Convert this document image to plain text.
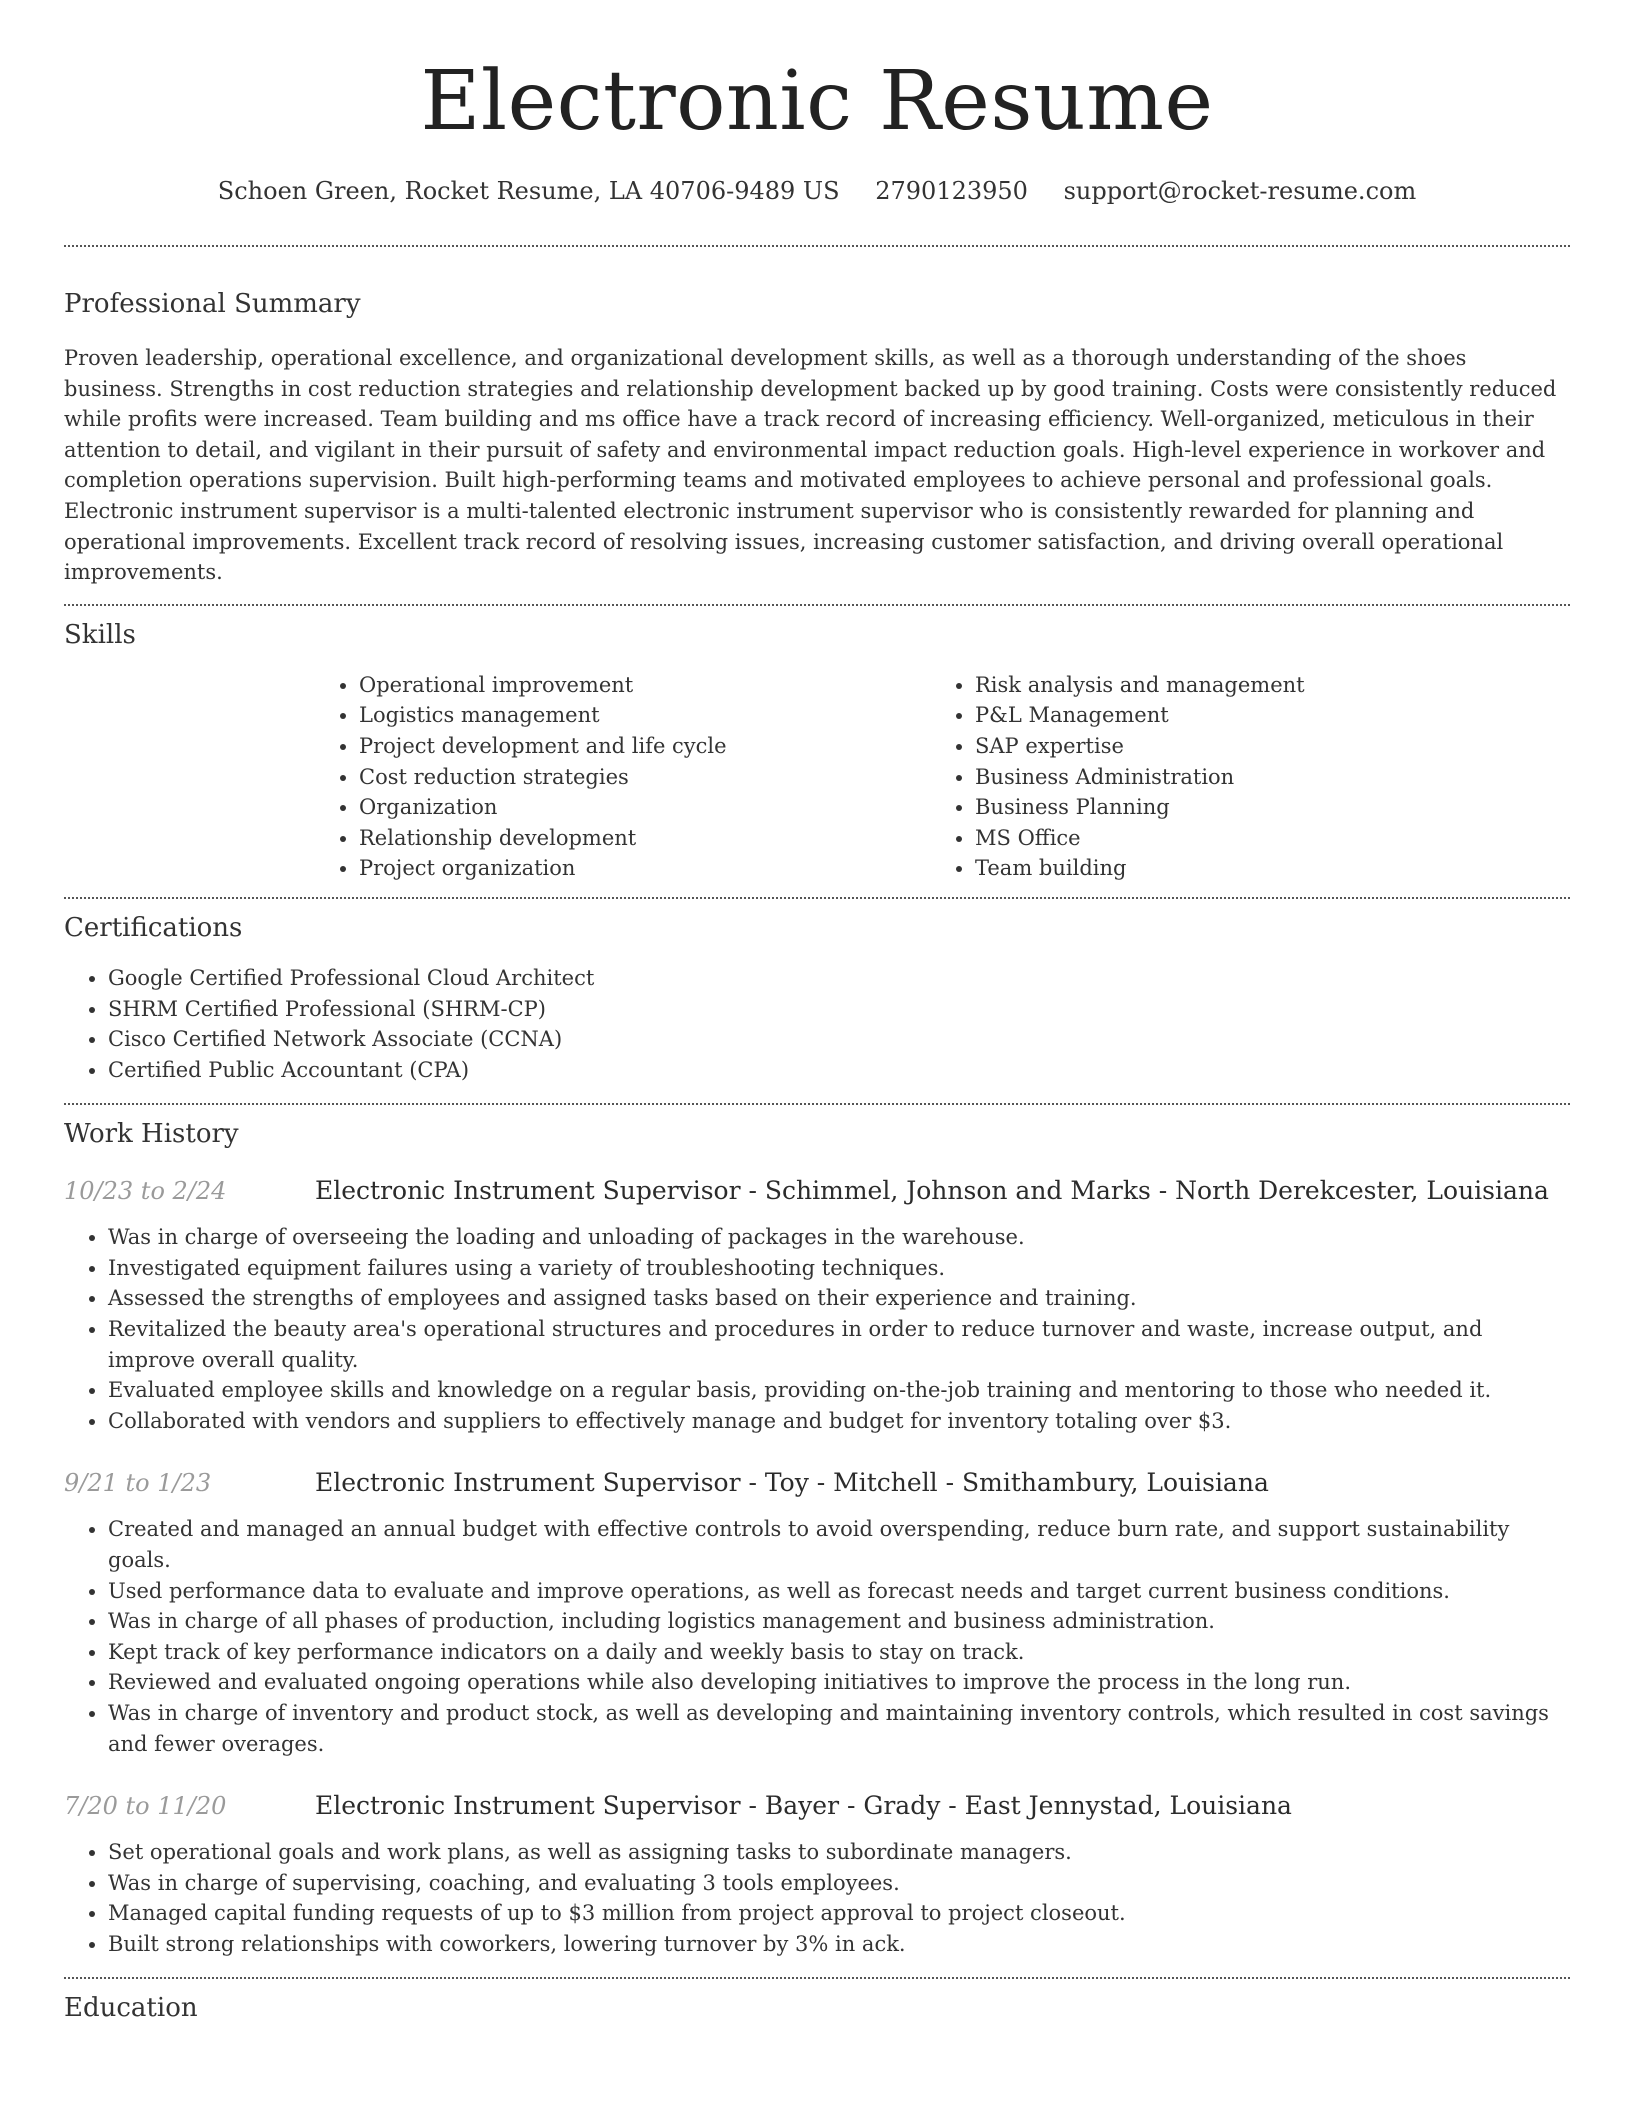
Electronic Resume
Schoen Green, Rocket Resume, LA 40706-9489 US 2790123950 support@rocket-resume.com
Professional Summary

Proven leadership, operational excellence, and organizational development skills, as well as a thorough understanding of the shoes business. Strengths in cost reduction strategies and relationship development backed up by good training. Costs were consistently reduced while profits were increased. Team building and ms office have a track record of increasing efficiency. Well-organized, meticulous in their attention to detail, and vigilant in their pursuit of safety and environmental impact reduction goals. High-level experience in workover and completion operations supervision. Built high-performing teams and motivated employees to achieve personal and professional goals. Electronic instrument supervisor is a multi-talented electronic instrument supervisor who is consistently rewarded for planning and operational improvements. Excellent track record of resolving issues, increasing customer satisfaction, and driving overall operational improvements.

Skills
• Operational improvement
• Logistics management
• Project development and life cycle
• Cost reduction strategies
• Organization
• Relationship development
• Project organization
• Risk analysis and management
• P&L Management
• SAP expertise
• Business Administration
• Business Planning
• MS Office
• Team building
Certifications
• Google Certified Professional Cloud Architect
• SHRM Certified Professional (SHRM-CP)
• Cisco Certified Network Associate (CCNA)
• Certified Public Accountant (CPA)
Work History
10/23 to 2/24	Electronic Instrument Supervisor - Schimmel, Johnson and Marks - North Derekcester, Louisiana
• Was in charge of overseeing the loading and unloading of packages in the warehouse.
• Investigated equipment failures using a variety of troubleshooting techniques.
• Assessed the strengths of employees and assigned tasks based on their experience and training.
• Revitalized the beauty area's operational structures and procedures in order to reduce turnover and waste, increase output, and improve overall quality.
• Evaluated employee skills and knowledge on a regular basis, providing on-the-job training and mentoring to those who needed it.
• Collaborated with vendors and suppliers to effectively manage and budget for inventory totaling over $3.
9/21 to 1/23	Electronic Instrument Supervisor - Toy - Mitchell - Smithambury, Louisiana
• Created and managed an annual budget with effective controls to avoid overspending, reduce burn rate, and support sustainability goals.
• Used performance data to evaluate and improve operations, as well as forecast needs and target current business conditions.
• Was in charge of all phases of production, including logistics management and business administration.
• Kept track of key performance indicators on a daily and weekly basis to stay on track.
• Reviewed and evaluated ongoing operations while also developing initiatives to improve the process in the long run.
• Was in charge of inventory and product stock, as well as developing and maintaining inventory controls, which resulted in cost savings and fewer overages.
7/20 to 11/20	Electronic Instrument Supervisor - Bayer - Grady - East Jennystad, Louisiana
• Set operational goals and work plans, as well as assigning tasks to subordinate managers.
• Was in charge of supervising, coaching, and evaluating 3 tools employees.
• Managed capital funding requests of up to $3 million from project approval to project closeout.
• Built strong relationships with coworkers, lowering turnover by 3% in ack.
Education
